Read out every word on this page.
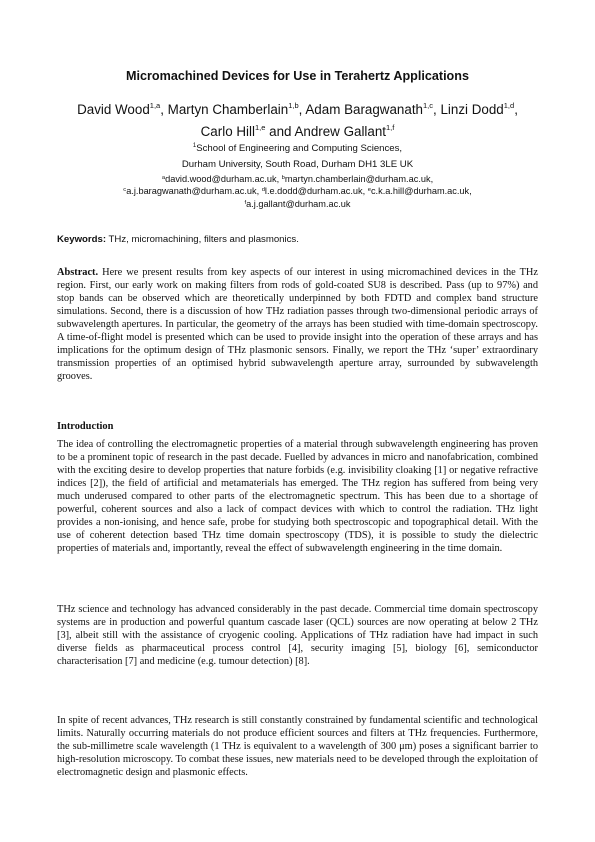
Micromachined Devices for Use in Terahertz Applications
David Wood$^{1,a}$, Martyn Chamberlain$^{1,b}$, Adam Baragwanath$^{1,c}$, Linzi Dodd$^{1,d}$,
Carlo Hill$^{1,e}$ and Andrew Gallant$^{1,f}$
$^1$School of Engineering and Computing Sciences,
Durham University, South Road, Durham DH1 3LE UK
$^a$david.wood@durham.ac.uk, $^b$martyn.chamberlain@durham.ac.uk,
$^c$a.j.baragwanath@durham.ac.uk, $^d$l.e.dodd@durham.ac.uk, $^e$c.k.a.hill@durham.ac.uk,
$^f$a.j.gallant@durham.ac.uk
Keywords: THz, micromachining, filters and plasmonics.
Abstract. Here we present results from key aspects of our interest in using micromachined devices in the THz region. First, our early work on making filters from rods of gold-coated SU8 is described. Pass (up to 97%) and stop bands can be observed which are theoretically underpinned by both FDTD and complex band structure simulations. Second, there is a discussion of how THz radiation passes through two-dimensional periodic arrays of subwavelength apertures. In particular, the geometry of the arrays has been studied with time-domain spectroscopy. A time-of-flight model is presented which can be used to provide insight into the operation of these arrays and has implications for the optimum design of THz plasmonic sensors. Finally, we report the THz ‘super’ extraordinary transmission properties of an optimised hybrid subwavelength aperture array, surrounded by subwavelength grooves.
Introduction
The idea of controlling the electromagnetic properties of a material through subwavelength engineering has proven to be a prominent topic of research in the past decade. Fuelled by advances in micro and nanofabrication, combined with the exciting desire to develop properties that nature forbids (e.g. invisibility cloaking [1] or negative refractive indices [2]), the field of artificial and metamaterials has emerged. The THz region has suffered from being very much underused compared to other parts of the electromagnetic spectrum. This has been due to a shortage of powerful, coherent sources and also a lack of compact devices with which to control the radiation. THz light provides a non-ionising, and hence safe, probe for studying both spectroscopic and topographical detail. With the use of coherent detection based THz time domain spectroscopy (TDS), it is possible to study the dielectric properties of materials and, importantly, reveal the effect of subwavelength engineering in the time domain.
THz science and technology has advanced considerably in the past decade. Commercial time domain spectroscopy systems are in production and powerful quantum cascade laser (QCL) sources are now operating at below 2 THz [3], albeit still with the assistance of cryogenic cooling. Applications of THz radiation have had impact in such diverse fields as pharmaceutical process control [4], security imaging [5], biology [6], semiconductor characterisation [7] and medicine (e.g. tumour detection) [8].
In spite of recent advances, THz research is still constantly constrained by fundamental scientific and technological limits. Naturally occurring materials do not produce efficient sources and filters at THz frequencies. Furthermore, the sub-millimetre scale wavelength (1 THz is equivalent to a wavelength of 300 μm) poses a significant barrier to high-resolution microscopy. To combat these issues, new materials need to be developed through the exploitation of electromagnetic design and plasmonic effects.
